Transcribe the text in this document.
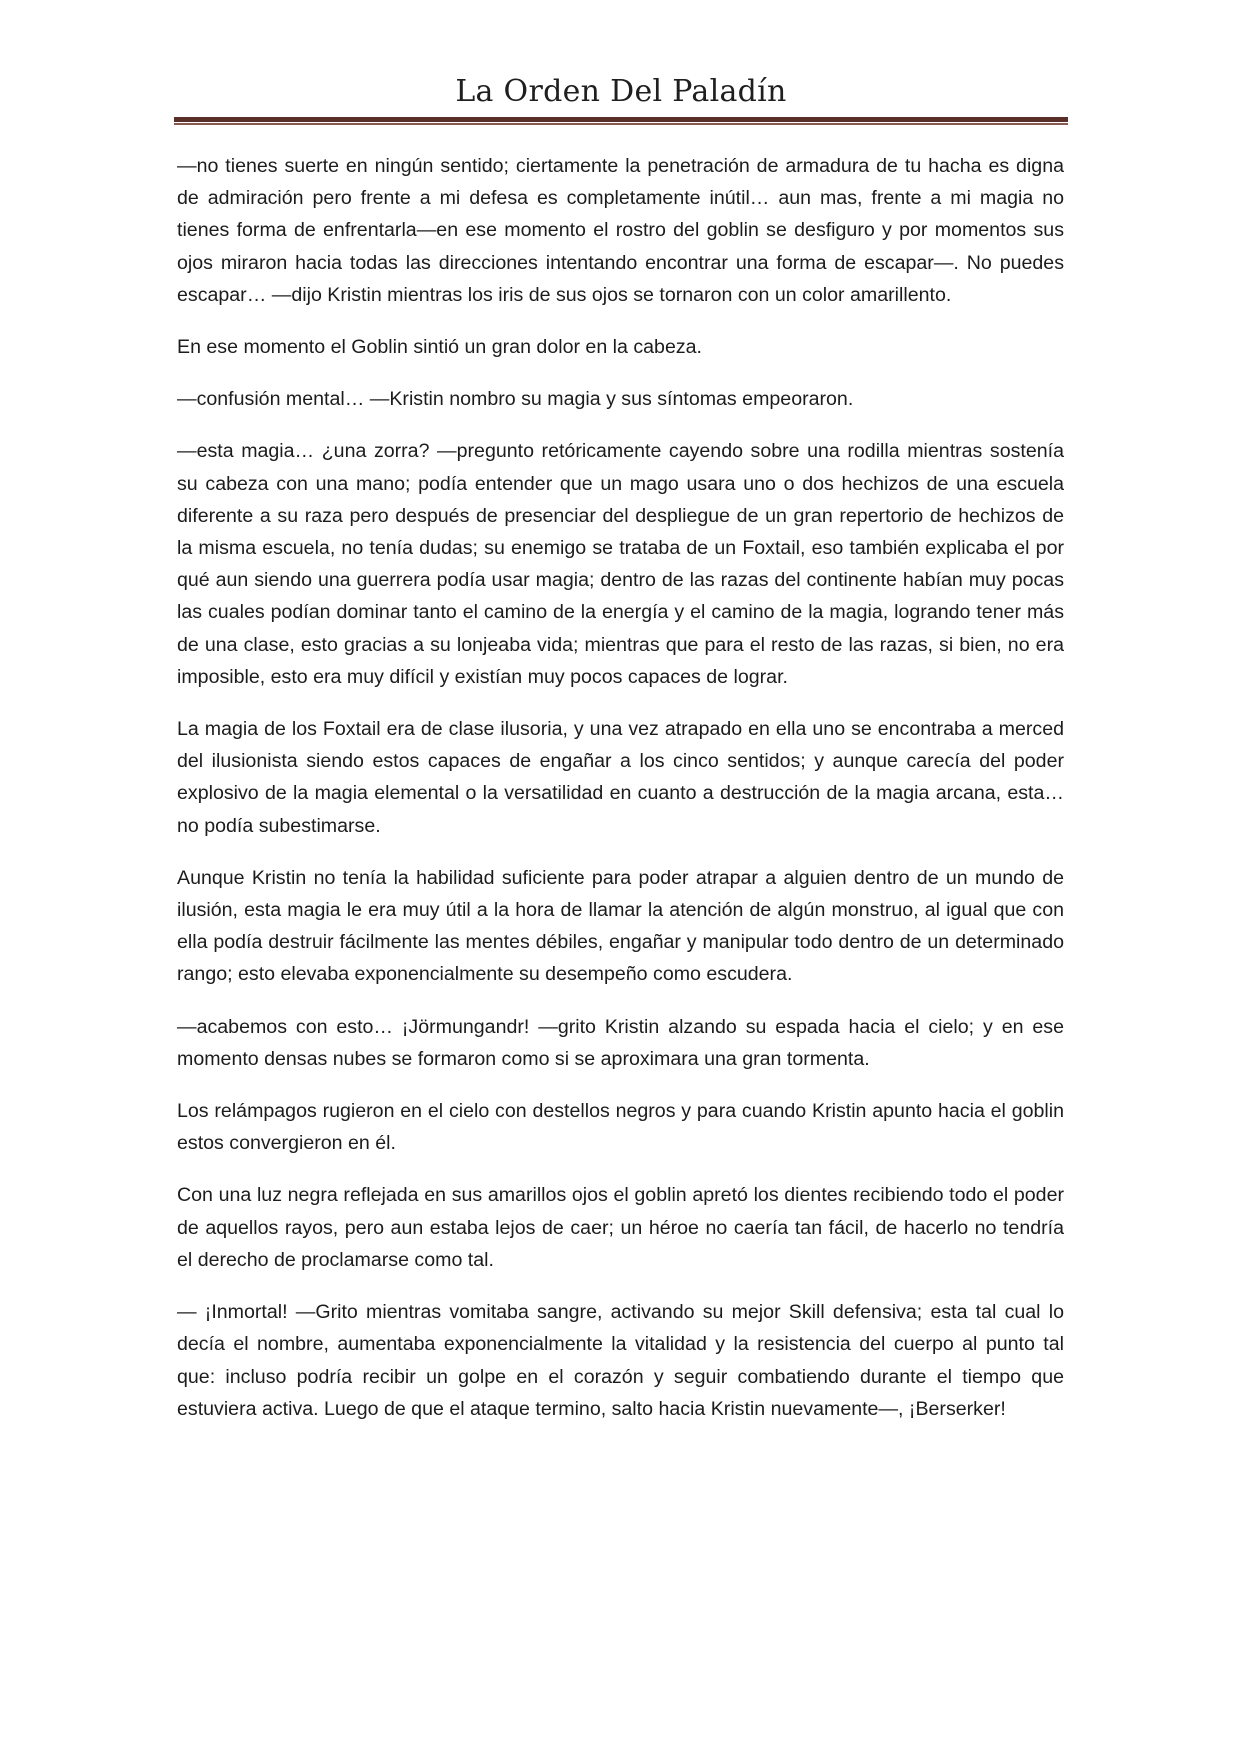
La Orden Del Paladín

—no tienes suerte en ningún sentido; ciertamente la penetración de armadura de tu hacha es digna de admiración pero frente a mi defesa es completamente inútil… aun mas, frente a mi magia no tienes forma de enfrentarla—en ese momento el rostro del goblin se desfiguro y por momentos sus ojos miraron hacia todas las direcciones intentando encontrar una forma de escapar—. No puedes escapar… —dijo Kristin mientras los iris de sus ojos se tornaron con un color amarillento.

En ese momento el Goblin sintió un gran dolor en la cabeza.

—confusión mental… —Kristin nombro su magia y sus síntomas empeoraron.

—esta magia… ¿una zorra? —pregunto retóricamente cayendo sobre una rodilla mientras sostenía su cabeza con una mano; podía entender que un mago usara uno o dos hechizos de una escuela diferente a su raza pero después de presenciar del despliegue de un gran repertorio de hechizos de la misma escuela, no tenía dudas; su enemigo se trataba de un Foxtail, eso también explicaba el por qué aun siendo una guerrera podía usar magia; dentro de las razas del continente habían muy pocas las cuales podían dominar tanto el camino de la energía y el camino de la magia, logrando tener más de una clase, esto gracias a su lonjeaba vida; mientras que para el resto de las razas, si bien, no era imposible, esto era muy difícil y existían muy pocos capaces de lograr.

La magia de los Foxtail era de clase ilusoria, y una vez atrapado en ella uno se encontraba a merced del ilusionista siendo estos capaces de engañar a los cinco sentidos; y aunque carecía del poder explosivo de la magia elemental o la versatilidad en cuanto a destrucción de la magia arcana, esta… no podía subestimarse.

Aunque Kristin no tenía la habilidad suficiente para poder atrapar a alguien dentro de un mundo de ilusión, esta magia le era muy útil a la hora de llamar la atención de algún monstruo, al igual que con ella podía destruir fácilmente las mentes débiles, engañar y manipular todo dentro de un determinado rango; esto elevaba exponencialmente su desempeño como escudera.

—acabemos con esto… ¡Jörmungandr! —grito Kristin alzando su espada hacia el cielo; y en ese momento densas nubes se formaron como si se aproximara una gran tormenta.

Los relámpagos rugieron en el cielo con destellos negros y para cuando Kristin apunto hacia el goblin estos convergieron en él.

Con una luz negra reflejada en sus amarillos ojos el goblin apretó los dientes recibiendo todo el poder de aquellos rayos, pero aun estaba lejos de caer; un héroe no caería tan fácil, de hacerlo no tendría el derecho de proclamarse como tal.

— ¡Inmortal! —Grito mientras vomitaba sangre, activando su mejor Skill defensiva; esta tal cual lo decía el nombre, aumentaba exponencialmente la vitalidad y la resistencia del cuerpo al punto tal que: incluso podría recibir un golpe en el corazón y seguir combatiendo durante el tiempo que estuviera activa. Luego de que el ataque termino, salto hacia Kristin nuevamente—, ¡Berserker!
